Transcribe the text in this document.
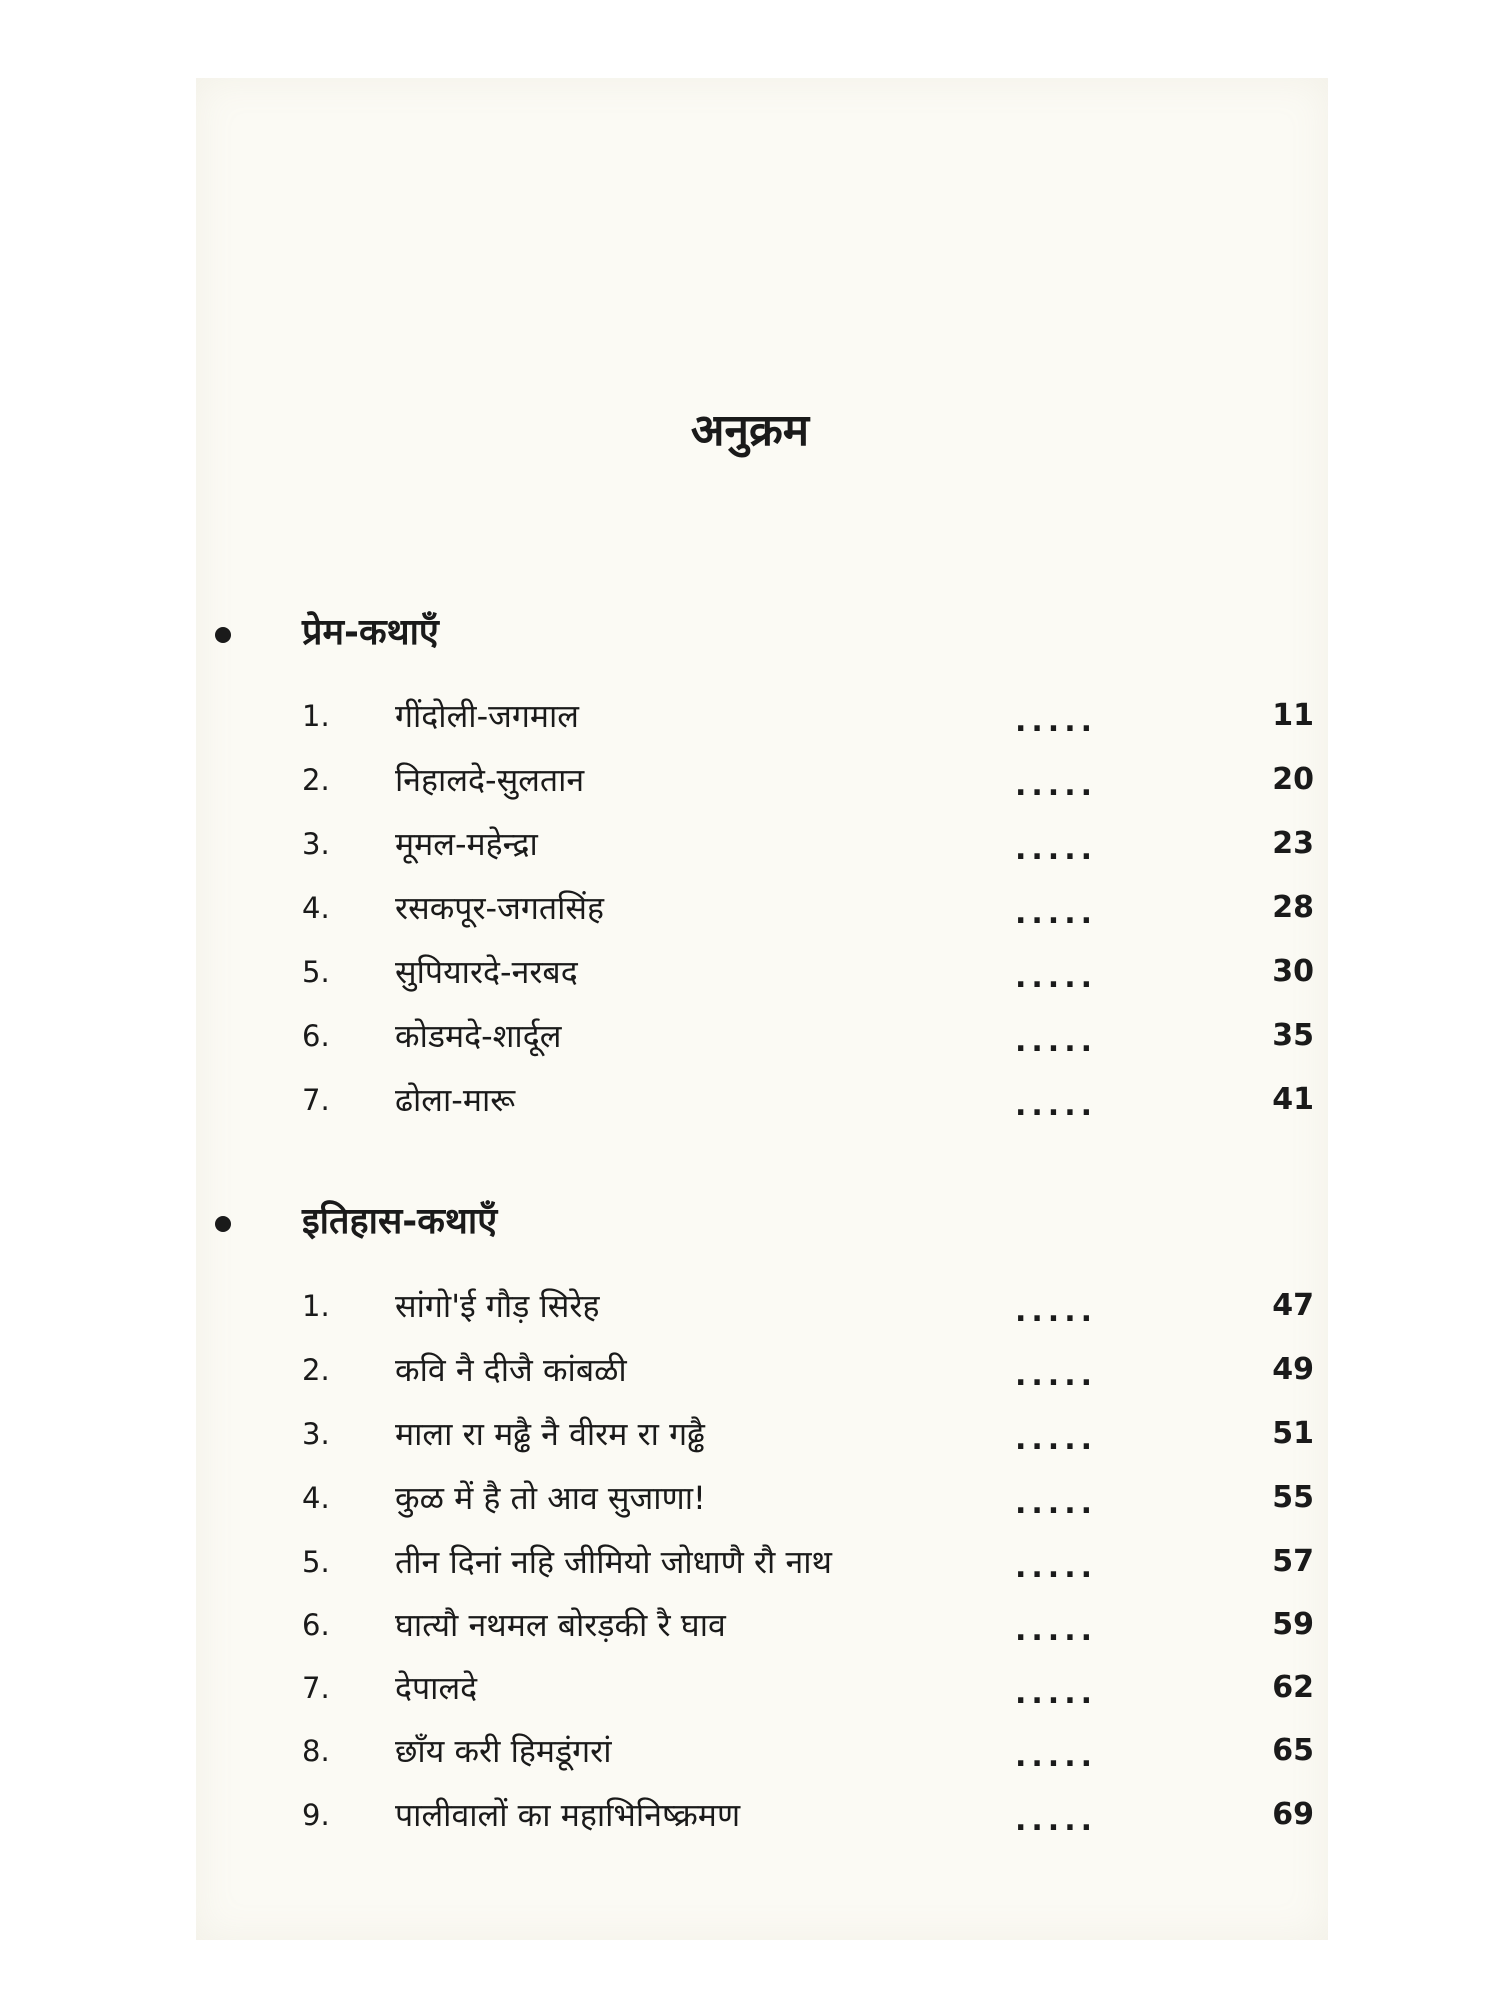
अनुक्रम
प्रेम-कथाएँ
1. गींदोली-जगमाल	.....	11
2. निहालदे-सुलतान	.....	20
3. मूमल-महेन्द्रा	.....	23
4. रसकपूर-जगतसिंह	.....	28
5. सुपियारदे-नरबद	.....	30
6. कोडमदे-शार्दूल	.....	35
7. ढोला-मारू	.....	41
इतिहास-कथाएँ
1. सांगो'ई गौड़ सिरेह	.....	47
2. कवि नै दीजै कांबळी	.....	49
3. माला रा मढ्ढै नै वीरम रा गढ्ढै	.....	51
4. कुळ में है तो आव सुजाणा!	.....	55
5. तीन दिनां नहि जीमियो जोधाणै रौ नाथ	.....	57
6. घात्यौ नथमल बोरड़की रै घाव	.....	59
7. देपालदे	.....	62
8. छाँय करी हिमडूंगरां	.....	65
9. पालीवालों का महाभिनिष्क्रमण	.....	69
